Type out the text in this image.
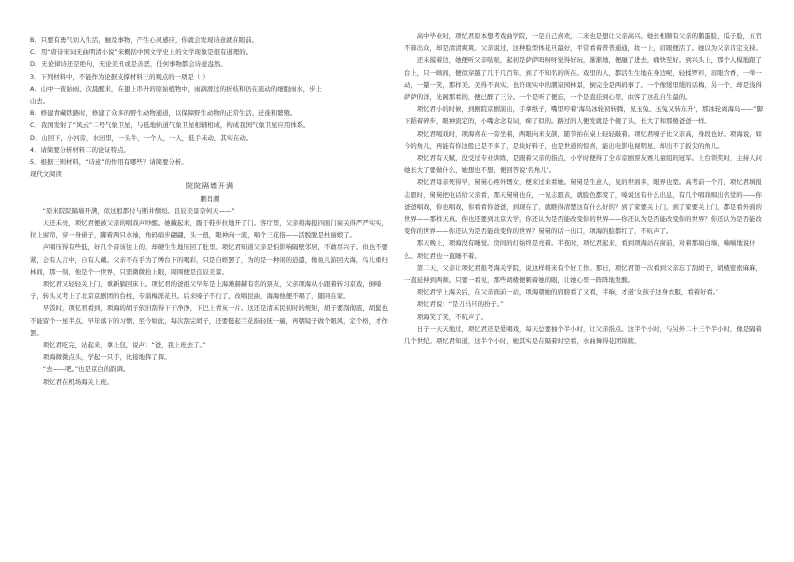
B．只要有勇气切入生活，触及事物，产生心灵感应，你就会发现诗意就在眼前。

C．用“唐诗宋词无曲明清小说”来概括中国文学史上的文学现象是很有道理的。

D．无论律诗还是绝句，无论美丑或是善恶，任何事物都会诗意盎然。

3．下列材料中，不能作为论据支撑材料三的观点的一项是（ ）

A．山中一夜始雨，次晨醒来，在翅上串升的原始植物中，雨滴滑过的折枝和仍在流动的细胞雨水，步上

山去。

B．修建青藏铁路时，修建了众多的野生动物通道，以保障野生动物的正常生活、迁徙和繁殖。

C．我国发射了“风云”二号气象卫星，与低地轨道气象卫星相辅相成，构成我国气象卫星应用体系。

D．山回下，小河旁，水田里，一头牛，一个人，一人，低手未动，其实在动。

4．请简要分析材料二的论证特点。

5．根据三则材料，“诗意”的作用有哪些？请简要分析。

现代文阅读

院院隔墙开满

鹏肖潮

“原来院院隔墙开满，似这般都付与断井颓垣。良辰美景奈何天——”

天还未亮，项忆君便被父亲的唱戏声吵醒。她戴起来，趿于鞋步拉地开了门。客厅里，父亲将海报四面门窗关得严严实实，拉上窗帘，穿一身褂子，脚着两只水袖，角码扇步翩翩，头一扭，眼神向一流，唱个三花指——活脱脱是杜丽娘了。

声唱压得有些低，好几个音该往上的，却硬生生地压回了肚里。项忆君知道父亲是怕影响隔壁邻居，不敢尽兴子。但也不要紧，会有人言中，自有人戴。父亲不在乎为了博台下的喝彩，只是自娱罢了，为的是一种闲的逍遣，像鱼儿游回大海，鸟儿重归林间，那一刻，他是个一世界，只需微微抬上眼，周围便是良辰美景。

项忆君又轻轻关上门，重新躺回床上。项忆君的爸祖父早年是上海滩赫赫有名的票友，父亲项海从小跟着转习京戏，倒嗓子，转头又考上了北京京剧团的台柱，专演梅派花旦。后来嗓子不行了，改唱昆曲，海海他便不唱了，随同在家。

早饭时，项忆君看到，项海的胡子依旧刮得干干净净，下巴上青灰一片。这还是清末民初时的规矩，胡子要刮彻底，胡髭也不能留个一星半点。早年落下的习惯，至今如此，每次刮完胡子，还要挺起兰花指轻抚一遍，再朝镜子做个眼风，定个格，才作罢。

项忆君吃完，站起来，拿上包，说声：“爸，我上班去了。”

项海微微点头，学起一只手，比接地挥了挥。

“去——吧。”也是京白的韵调。

项忆君在机场海关上班。

高中毕业时，项忆君原本想考戏曲学院，一是自己喜欢，二来也是想让父亲高兴。她长相颇有父亲的鹅蛋脸，瓜子脸，五官不算出众，却是清清爽爽。父亲说过，这种脸型体花旦最好，平常看着普普通通，妆一上，眉眼便活了。她以为父亲肯定支持。

还未摸着边，她便听父亲哒哒，起初是萨萨吗呀呀觉得好玩，渐渐地，便融了进去，痛快至好。到兴头上，那个人模地跟了台上，只一顾间，便似穿越了几千几百年，到了不知名的所在。戏里的人，都活生生地在身边呢，轻揉罗衫，眉眼含香，一举一动，一颦一笑，那样美。美得不真实。也许现实中的潮泉园林景，倒完全是两码事了。一个像缓里缓的话梅，另一个，却是浅得萨萨的洋，光阁那看的，便已醉了三分。一个是听了便忘，一个是直挂到心里，由客了这孔自生最的。

项忆君小的时候，到剧院京剧演出，手拿纸子，嘴里哼着‘海岛冰轮初转腾，见玉兔、玉兔又转东升’，那冰轮离海岛——”脚下蹈着碎步，眼神流定的，小嘴念念有词，痴了似的。路过的人便发就是个傻了头，长大了和那傻爸爸一样。

项忆君喝戏时，项海喜在一旁坐着，两眼向来支颌，随节拍在桌上轻轻敲着。项忆君嗓子比父亲高，身段也好。项海说，如今的角儿，再能有你这般已是不多了，是块好料子，也是世道的惊喜，能出电影电视明星，却出不了扳尖的角儿。

项忆君有天赋，没受过专业训练，是跟着父亲的指点，小学时便得了全市京剧票友赛儿童组的冠军。上台领奖时，主持人问她长大了要做什么，她想也不想，便回答说‘名角儿’。

项忆君母亲死得早，舅舅心疼外甥女，便来过来看她。舅舅是生意人，见的世面多，眼界也宽。高考前一个月，项忆君填报志愿时，舅舅把电话给父亲看，那天舅舅也在，一见志愿表，就脸色都变了，嗓说这有什么出息，有几个唱戏唱出名堂的——你爸爸唱戏，你也唱戏，你看看你爸爸，到现在了，就瞧得清楚这有什么好的？到了家要关上门，到了家要关上门，都是看外面的世界——那样天真。你也还要到北京大学，你还认为是否能改变你的世界——你还认为是否能改变你的世界？你还认为是否能改变你的世界——你还认为是否能改变你的世界？舅舅的话一出口，项海的脸都红了，不吭声了。

那天晚上，项海没有睡觉。房间的灯始终是亮着。半夜时，项忆君起来，看到项海站在窗前，对着那扇白墙，喃喃地说什么。项忆君也一直睡不着。

第二天，父亲让项忆君报考海关学院，说这样将来有个好工作。那日，项忆君第一次看到父亲忘了刮胡子，胡楂密密麻麻，一直延伸到两颊。只要一看见，那些胡楂便刺着她的眼，让她心里一阵阵地发酸。

项忆君学上海关后，在父亲面前一站，项海朝她的肩膀看了又看，半晌，才道‘女孩子这身衣服，看着好看。’

项忆君说：“是刀马旦的扮子。”

项海笑了笑，不吭声了。

日子一天天地过，项忆君还是爱唱戏，每天总要抽个半小时，让父亲指点。这半个小时，与另外二十三个半小时，像是隔着几个世纪。项忆君知道，这半个小时，她其实是在隔着时空看，水曲舞得花团锦簇，
